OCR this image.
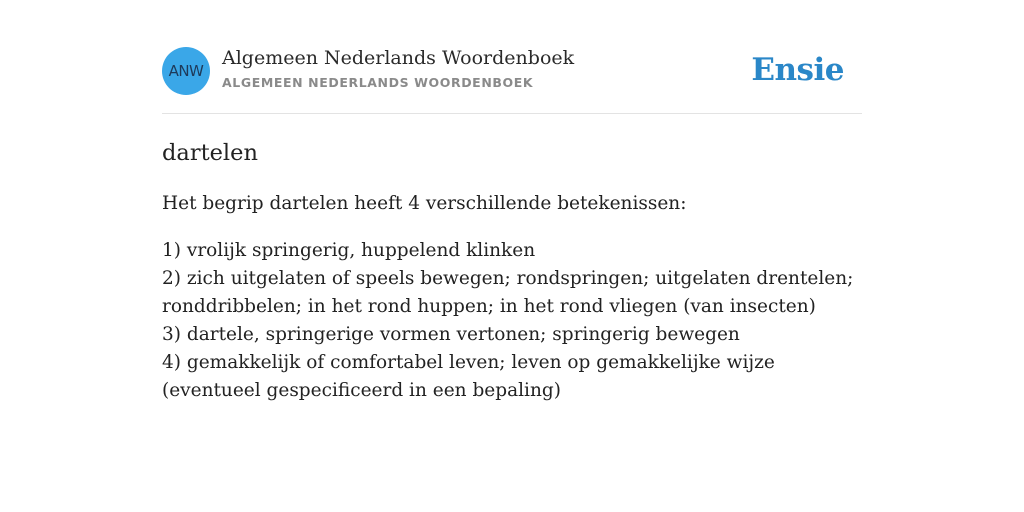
ANW
Algemeen Nederlands Woordenboek
ALGEMEEN NEDERLANDS WOORDENBOEK	Ensie
dartelen
Het begrip dartelen heeft 4 verschillende betekenissen:
1) vrolijk springerig, huppelend klinken
2) zich uitgelaten of speels bewegen; rondspringen; uitgelaten drentelen; ronddribbelen; in het rond huppen; in het rond vliegen (van insecten)
3) dartele, springerige vormen vertonen; springerig bewegen
4) gemakkelijk of comfortabel leven; leven op gemakkelijke wijze (eventueel gespecificeerd in een bepaling)
